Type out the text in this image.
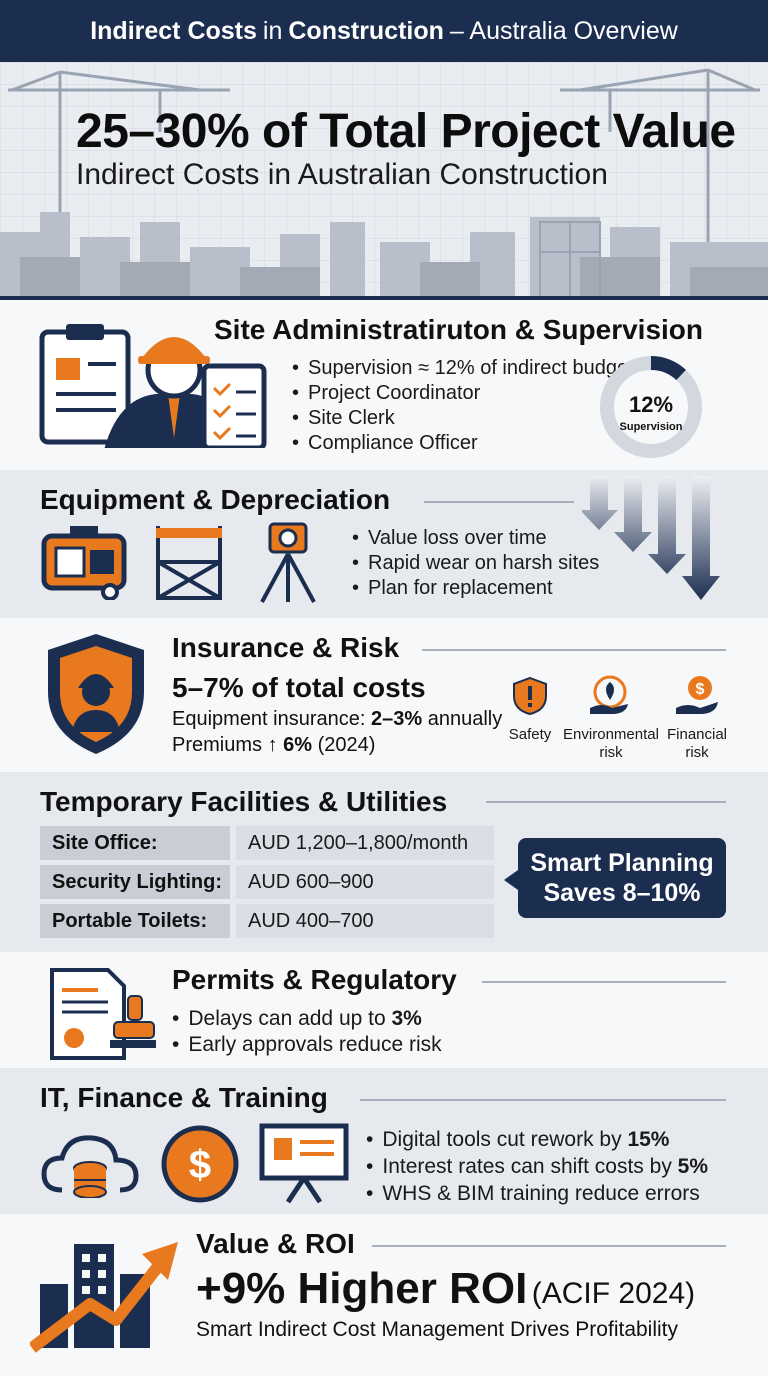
Indirect Costs in Construction – Australia Overview
25–30% of Total Project Value
Indirect Costs in Australian Construction
Site Administratiruton & Supervision
• Supervision ≈ 12% of indirect budget
• Project Coordinator
• Site Clerk
• Compliance Officer
12%
Supervision
Equipment & Depreciation
• Value loss over time
• Rapid wear on harsh sites
• Plan for replacement
Insurance & Risk
5–7% of total costs
Equipment insurance: 2–3% annually
Premiums ↑ 6% (2024)
$
Safety Environmental risk
Financial risk
Temporary Facilities & Utilities
Site Office:	AUD 1,200–1,800/month
Security Lighting:	AUD 600–900
Portable Toilets:	AUD 400–700
Smart Planning
Saves 8–10%
Permits & Regulatory
• Delays can add up to 3%
• Early approvals reduce risk
IT, Finance & Training
$
• Digital tools cut rework by 15%
• Interest rates can shift costs by 5%
• WHS & BIM training reduce errors
Value & ROI
+9% Higher ROI (ACIF 2024)
Smart Indirect Cost Management Drives Profitability
